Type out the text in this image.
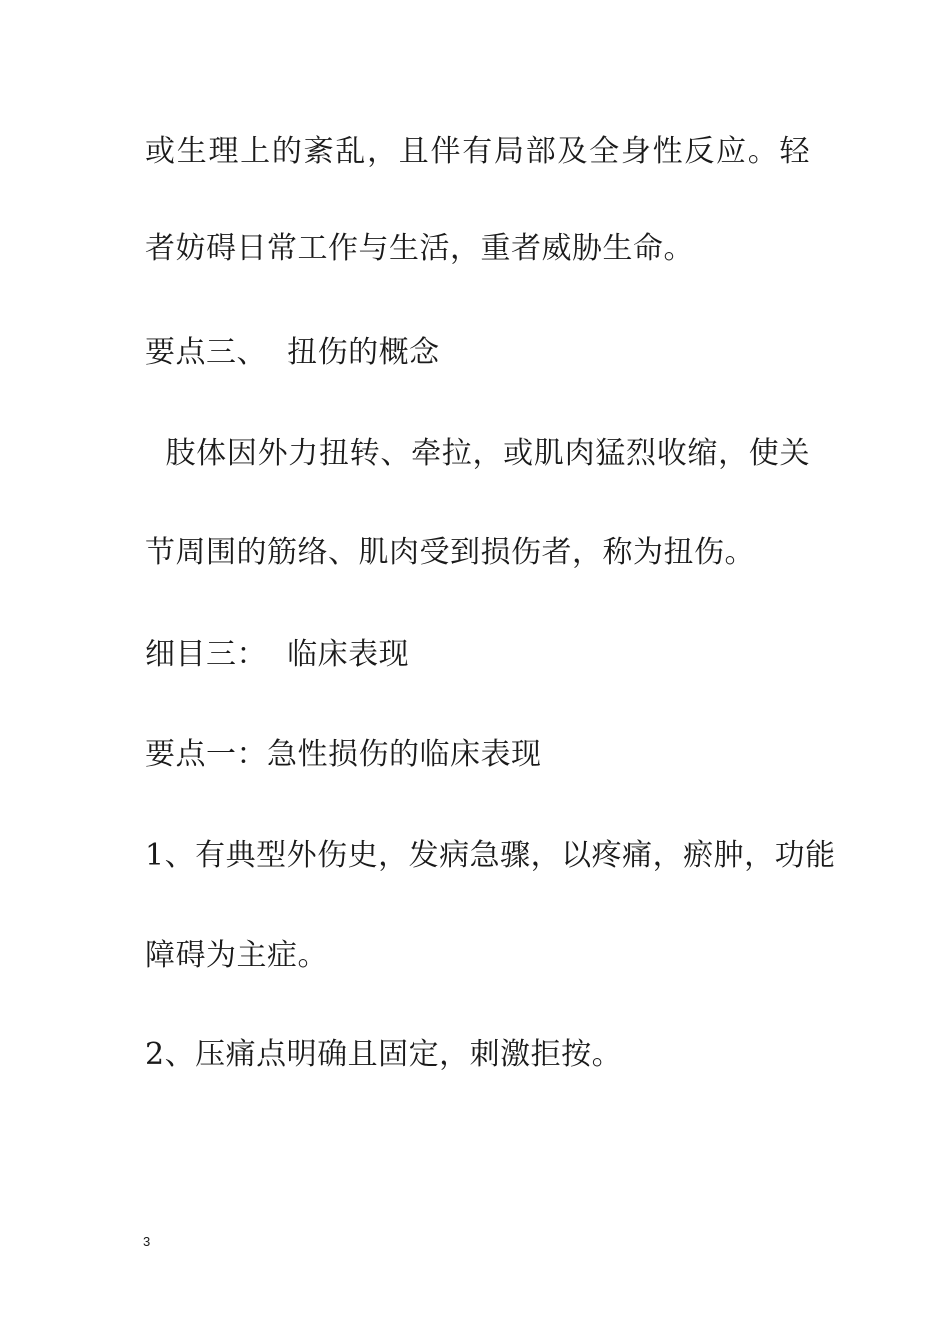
或生理上的紊乱，且伴有局部及全身性反应。轻
者妨碍日常工作与生活，重者威胁生命。
要点三、  扭伤的概念
肢体因外力扭转、牵拉，或肌肉猛烈收缩，使关
节周围的筋络、肌肉受到损伤者，称为扭伤。
细目三：  临床表现
要点一：急性损伤的临床表现
1、有典型外伤史，发病急骤，以疼痛，瘀肿，功能
障碍为主症。
2、压痛点明确且固定，刺激拒按。
3
